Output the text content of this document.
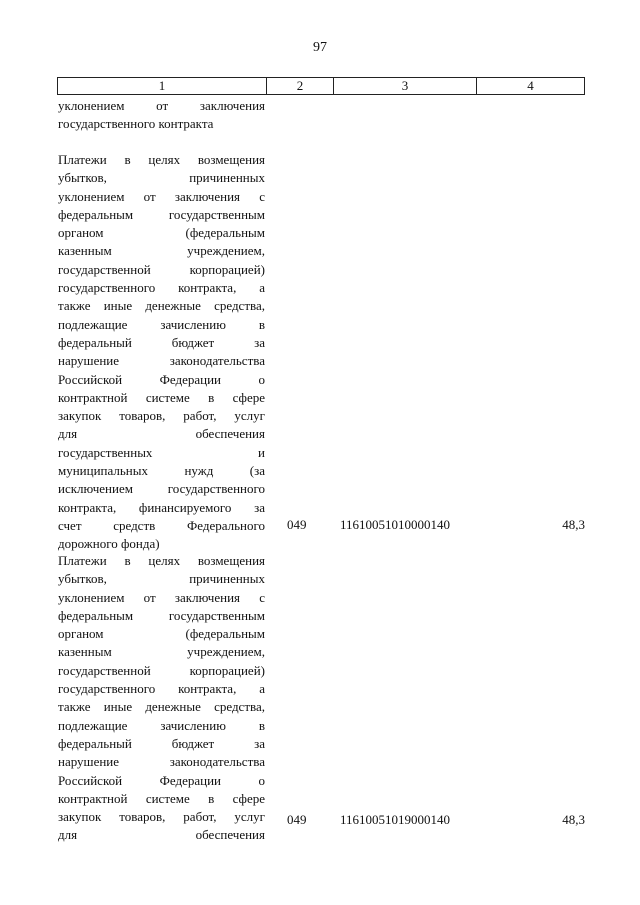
97
1	2	3	4
уклонением от заключения
государственного контракта
Платежи в целях возмещения
убытков, причиненных
уклонением от заключения с
федеральным государственным
органом (федеральным
казенным учреждением,
государственной корпорацией)
государственного контракта, а
также иные денежные средства,
подлежащие зачислению в
федеральный бюджет за
нарушение законодательства
Российской Федерации о
контрактной системе в сфере
закупок товаров, работ, услуг
для обеспечения
государственных и
муниципальных нужд (за
исключением государственного
контракта, финансируемого за
счет средств Федерального
дорожного фонда)
049	11610051010000140	48,3
Платежи в целях возмещения
убытков, причиненных
уклонением от заключения с
федеральным государственным
органом (федеральным
казенным учреждением,
государственной корпорацией)
государственного контракта, а
также иные денежные средства,
подлежащие зачислению в
федеральный бюджет за
нарушение законодательства
Российской Федерации о
контрактной системе в сфере
закупок товаров, работ, услуг
для обеспечения
049	11610051019000140	48,3
